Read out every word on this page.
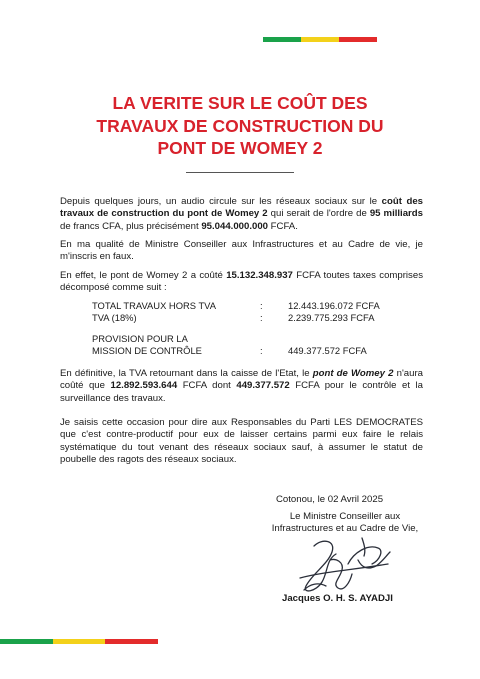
LA VERITE SUR LE COÛT DES
TRAVAUX DE CONSTRUCTION DU
PONT DE WOMEY 2
Depuis quelques jours, un audio circule sur les réseaux sociaux sur le coût des travaux de construction du pont de Womey 2 qui serait de l'ordre de 95 milliards de francs CFA, plus précisément 95.044.000.000 FCFA.
En ma qualité de Ministre Conseiller aux Infrastructures et au Cadre de vie, je m'inscris en faux.
En effet, le pont de Womey 2 a coûté 15.132.348.937 FCFA toutes taxes comprises décomposé comme suit :
TOTAL TRAVAUX HORS TVA	:	12.443.196.072 FCFA
TVA (18%)	:	2.239.775.293 FCFA
PROVISION POUR LA
MISSION DE CONTRÔLE	:	449.377.572 FCFA
En définitive, la TVA retournant dans la caisse de l'Etat, le pont de Womey 2 n'aura coûté que 12.892.593.644 FCFA dont 449.377.572 FCFA pour le contrôle et la surveillance des travaux.
Je saisis cette occasion pour dire aux Responsables du Parti LES DEMOCRATES que c'est contre-productif pour eux de laisser certains parmi eux faire le relais systématique du tout venant des réseaux sociaux sauf, à assumer le statut de poubelle des ragots des réseaux sociaux.
Cotonou, le 02 Avril 2025
Le Ministre Conseiller aux
Infrastructures et au Cadre de Vie,
Jacques O. H. S. AYADJI
